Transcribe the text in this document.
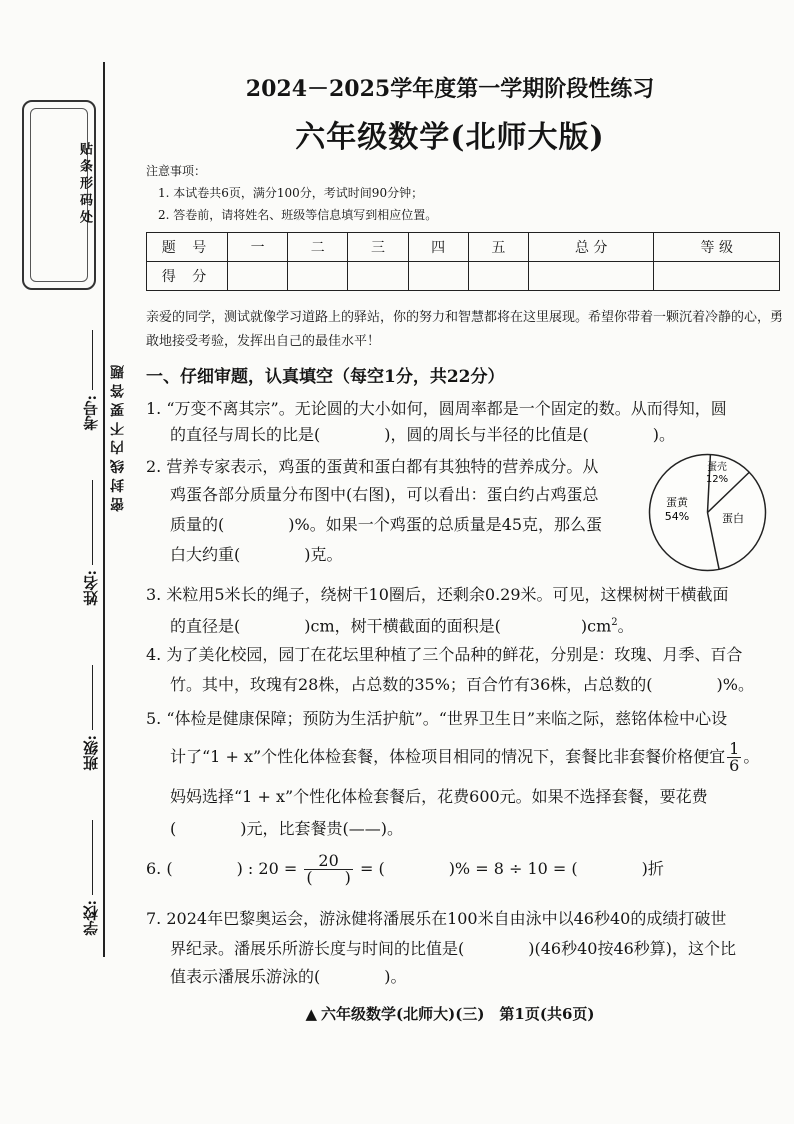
贴条形码处
考号:
姓名:
班级:
学校:
密 封 线 内 不 要 答 题
2024－2025学年度第一学期阶段性练习
六年级数学(北师大版)
注意事项：
1. 本试卷共6页，满分100分，考试时间90分钟；
2. 答卷前，请将姓名、班级等信息填写到相应位置。
题 号	一	二	三	四	五	总 分	等 级
得 分							
亲爱的同学，测试就像学习道路上的驿站，你的努力和智慧都将在这里展现。希望你带着一颗沉着冷静的心，勇敢地接受考验，发挥出自己的最佳水平！
一、仔细审题，认真填空（每空1分，共22分）
1. “万变不离其宗”。无论圆的大小如何，圆周率都是一个固定的数。从而得知，圆
的直径与周长的比是(　　　　)，圆的周长与半径的比值是(　　　　)。
2. 营养专家表示，鸡蛋的蛋黄和蛋白都有其独特的营养成分。从
鸡蛋各部分质量分布图中(右图)，可以看出：蛋白约占鸡蛋总
质量的(　　　　)%。如果一个鸡蛋的总质量是45克，那么蛋
白大约重(　　　　)克。
蛋壳
12%
蛋白
蛋黄
54%
3. 米粒用5米长的绳子，绕树干10圈后，还剩余0.29米。可见，这棵树树干横截面
的直径是(　　　　)cm，树干横截面的面积是(　　　　　)$cm^2$。
4. 为了美化校园，园丁在花坛里种植了三个品种的鲜花，分别是：玫瑰、月季、百合
竹。其中，玫瑰有28株，占总数的35%；百合竹有36株，占总数的(　　　　)%。
5. “体检是健康保障；预防为生活护航”。“世界卫生日”来临之际，慈铭体检中心设
计了“1 + x”个性化体检套餐，体检项目相同的情况下，套餐比非套餐价格便宜 $\frac{1}{6}$ 。
妈妈选择“1 + x”个性化体检套餐后，花费600元。如果不选择套餐，要花费
(　　　　)元，比套餐贵(——)。
6. (　　　　) : $20 = \frac{20}{( )}$ = (　　　　)% = 8 ÷ 10 = (　　　　)折
7. 2024年巴黎奥运会，游泳健将潘展乐在100米自由泳中以46秒40的成绩打破世
界纪录。潘展乐所游长度与时间的比值是(　　　　)(46秒40按46秒算)，这个比
值表示潘展乐游泳的(　　　　)。
▲ 六年级数学(北师大)(三)　第1页(共6页)
